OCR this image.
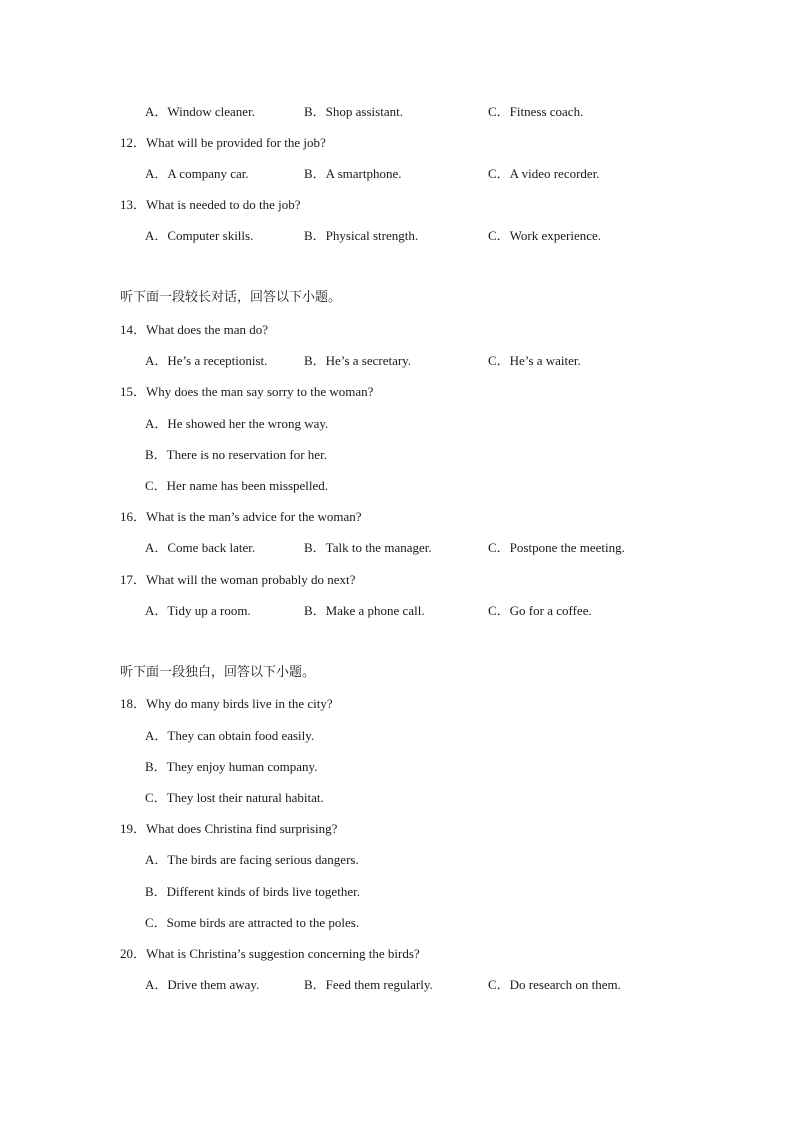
A．Window cleaner.	B．Shop assistant.	C．Fitness coach.
12．What will be provided for the job?
A．A company car.	B．A smartphone.	C．A video recorder.
13．What is needed to do the job?
A．Computer skills.	B．Physical strength.	C．Work experience.
听下面一段较长对话，回答以下小题。
14．What does the man do?
A．He’s a receptionist.	B．He’s a secretary.	C．He’s a waiter.
15．Why does the man say sorry to the woman?
A．He showed her the wrong way.
B．There is no reservation for her.
C．Her name has been misspelled.
16．What is the man’s advice for the woman?
A．Come back later.	B．Talk to the manager.	C．Postpone the meeting.
17．What will the woman probably do next?
A．Tidy up a room.	B．Make a phone call.	C．Go for a coffee.
听下面一段独白，回答以下小题。
18．Why do many birds live in the city?
A．They can obtain food easily.
B．They enjoy human company.
C．They lost their natural habitat.
19．What does Christina find surprising?
A．The birds are facing serious dangers.
B．Different kinds of birds live together.
C．Some birds are attracted to the poles.
20．What is Christina’s suggestion concerning the birds?
A．Drive them away.	B．Feed them regularly.	C．Do research on them.
